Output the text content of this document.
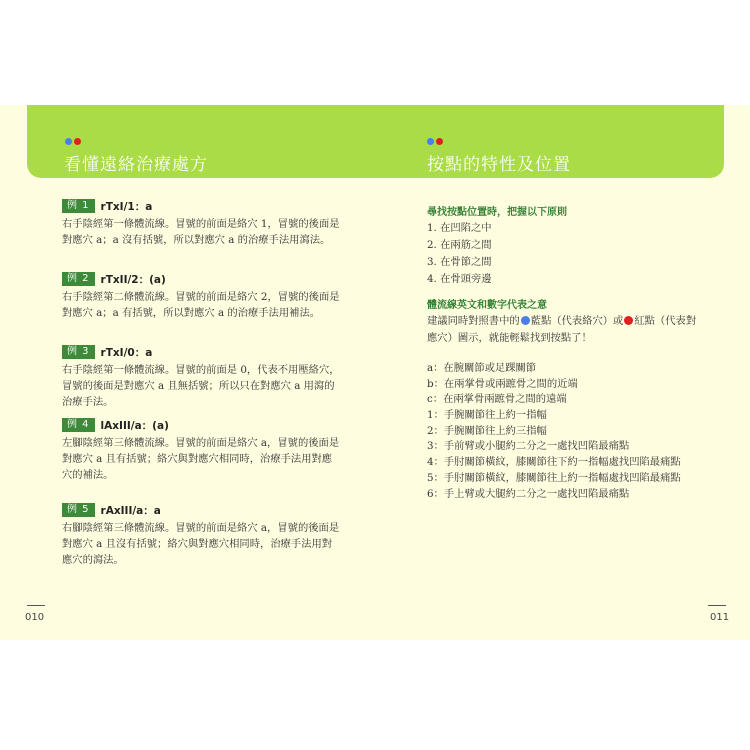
看懂遠絡治療處方	按點的特性及位置
例 1	rTxI/1：a
右手陰經第一條體流線。冒號的前面是絡穴 1，冒號的後面是對應穴 a；a 沒有括號，所以對應穴 a 的治療手法用瀉法。
例 2	rTxII/2：(a)
右手陰經第二條體流線。冒號的前面是絡穴 2，冒號的後面是對應穴 a；a 有括號，所以對應穴 a 的治療手法用補法。
例 3	rTxI/0：a
右手陰經第一條體流線。冒號的前面是 0，代表不用壓絡穴，冒號的後面是對應穴 a 且無括號；所以只在對應穴 a 用瀉的治療手法。
例 4	lAxIII/a：(a)
左腳陰經第三條體流線。冒號的前面是絡穴 a，冒號的後面是對應穴 a 且有括號；絡穴與對應穴相同時，治療手法用對應穴的補法。
例 5	rAxIII/a：a
右腳陰經第三條體流線。冒號的前面是絡穴 a，冒號的後面是對應穴 a 且沒有括號；絡穴與對應穴相同時，治療手法用對應穴的瀉法。
尋找按點位置時，把握以下原則
1. 在凹陷之中
2. 在兩筋之間
3. 在骨節之間
4. 在骨頭旁邊
體流線英文和數字代表之意
建議同時對照書中的 藍點（代表絡穴）或 紅點（代表對應穴）圖示，就能輕鬆找到按點了！
a：在腕關節或足踝關節
b：在兩掌骨或兩蹠骨之間的近端
c：在兩掌骨兩蹠骨之間的遠端
1：手腕關節往上約一指幅
2：手腕關節往上約三指幅
3：手前臂或小腿約二分之一處找凹陷最痛點
4：手肘關節橫紋，膝關節往下約一指幅處找凹陷最痛點
5：手肘關節橫紋，膝關節往上約一指幅處找凹陷最痛點
6：手上臂或大腿約二分之一處找凹陷最痛點
010	011
